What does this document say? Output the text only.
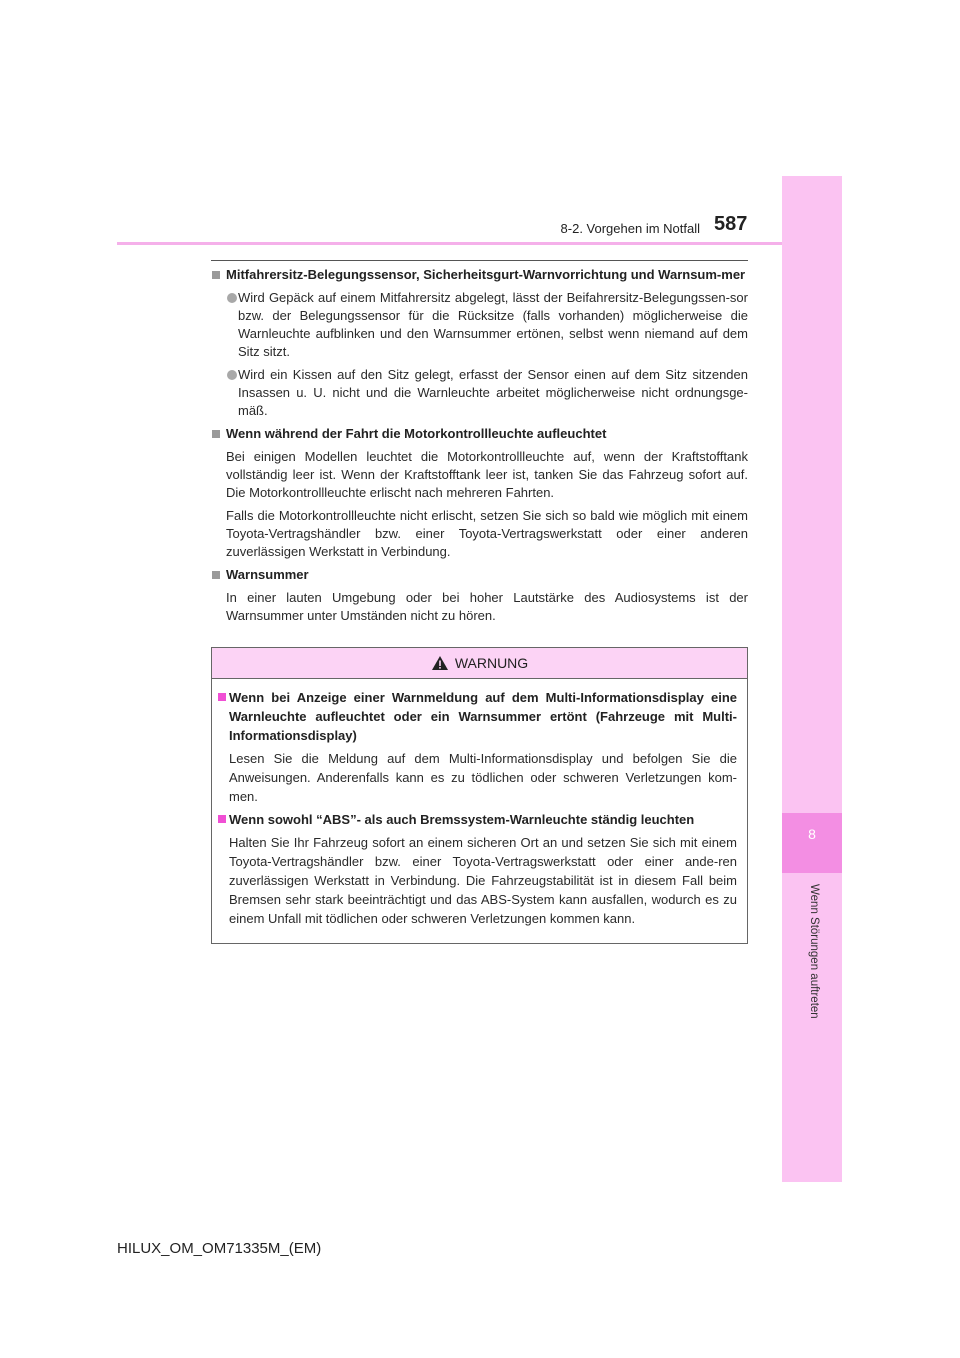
8
Wenn Störungen auftreten
8-2. Vorgehen im Notfall 587
Mitfahrersitz-Belegungssensor, Sicherheitsgurt-Warnvorrichtung und Warnsum-mer
Wird Gepäck auf einem Mitfahrersitz abgelegt, lässt der Beifahrersitz-Belegungssen-sor bzw. der Belegungssensor für die Rücksitze (falls vorhanden) möglicherweise die Warnleuchte aufblinken und den Warnsummer ertönen, selbst wenn niemand auf dem Sitz sitzt.
Wird ein Kissen auf den Sitz gelegt, erfasst der Sensor einen auf dem Sitz sitzenden Insassen u. U. nicht und die Warnleuchte arbeitet möglicherweise nicht ordnungsge-mäß.
Wenn während der Fahrt die Motorkontrollleuchte aufleuchtet
Bei einigen Modellen leuchtet die Motorkontrollleuchte auf, wenn der Kraftstofftank vollständig leer ist. Wenn der Kraftstofftank leer ist, tanken Sie das Fahrzeug sofort auf. Die Motorkontrollleuchte erlischt nach mehreren Fahrten.
Falls die Motorkontrollleuchte nicht erlischt, setzen Sie sich so bald wie möglich mit einem Toyota-Vertragshändler bzw. einer Toyota-Vertragswerkstatt oder einer anderen zuverlässigen Werkstatt in Verbindung.
Warnsummer
In einer lauten Umgebung oder bei hoher Lautstärke des Audiosystems ist der Warnsummer unter Umständen nicht zu hören.
WARNUNG
Wenn bei Anzeige einer Warnmeldung auf dem Multi-Informationsdisplay eine Warnleuchte aufleuchtet oder ein Warnsummer ertönt (Fahrzeuge mit Multi-Informationsdisplay)
Lesen Sie die Meldung auf dem Multi-Informationsdisplay und befolgen Sie die Anweisungen. Anderenfalls kann es zu tödlichen oder schweren Verletzungen kom-men.
Wenn sowohl “ABS”- als auch Bremssystem-Warnleuchte ständig leuchten
Halten Sie Ihr Fahrzeug sofort an einem sicheren Ort an und setzen Sie sich mit einem Toyota-Vertragshändler bzw. einer Toyota-Vertragswerkstatt oder einer ande-ren zuverlässigen Werkstatt in Verbindung. Die Fahrzeugstabilität ist in diesem Fall beim Bremsen sehr stark beeinträchtigt und das ABS-System kann ausfallen, wodurch es zu einem Unfall mit tödlichen oder schweren Verletzungen kommen kann.
HILUX_OM_OM71335M_(EM)
